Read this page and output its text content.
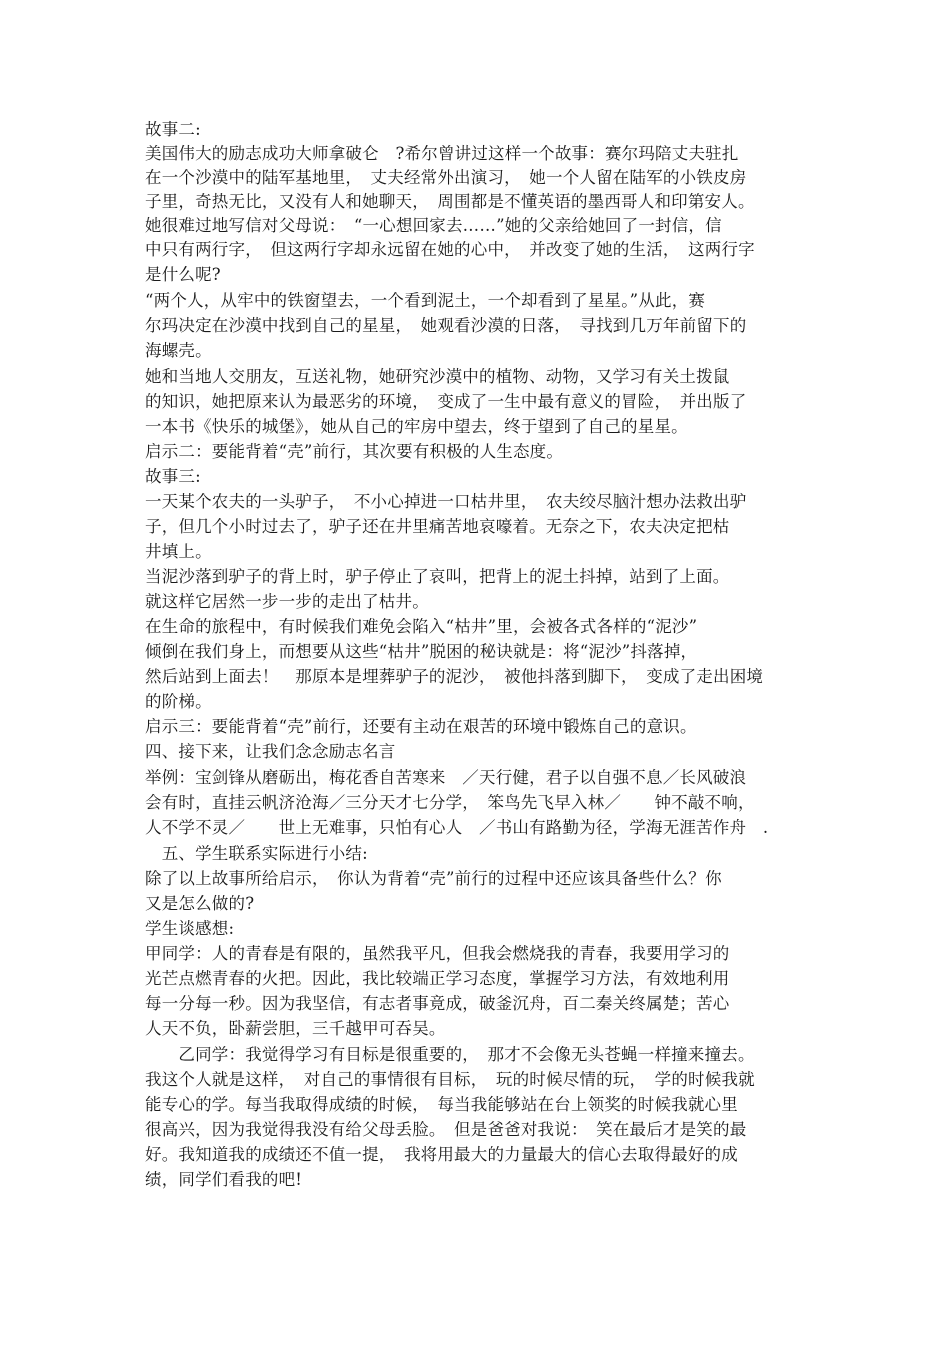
故事二:
美国伟大的励志成功大师拿破仑　?希尔曾讲过这样一个故事：赛尔玛陪丈夫驻扎
在一个沙漠中的陆军基地里，　丈夫经常外出演习，　她一个人留在陆军的小铁皮房
子里，奇热无比，又没有人和她聊天，　周围都是不懂英语的墨西哥人和印第安人。
她很难过地写信对父母说：　“一心想回家去……”她的父亲给她回了一封信，信
中只有两行字，　但这两行字却永远留在她的心中，　并改变了她的生活，　这两行字
是什么呢?
“两个人，从牢中的铁窗望去，一个看到泥土，一个却看到了星星。”从此，赛
尔玛决定在沙漠中找到自己的星星，　她观看沙漠的日落，　寻找到几万年前留下的
海螺壳。
她和当地人交朋友，互送礼物，她研究沙漠中的植物、动物，又学习有关土拨鼠
的知识，她把原来认为最恶劣的环境，　变成了一生中最有意义的冒险，　并出版了
一本书《快乐的城堡》，她从自己的牢房中望去，终于望到了自己的星星。
启示二：要能背着“壳”前行，其次要有积极的人生态度。
故事三:
一天某个农夫的一头驴子，　不小心掉进一口枯井里，　农夫绞尽脑汁想办法救出驴
子，但几个小时过去了，驴子还在井里痛苦地哀嚎着。无奈之下，农夫决定把枯
井填上。
当泥沙落到驴子的背上时，驴子停止了哀叫，把背上的泥土抖掉，站到了上面。
就这样它居然一步一步的走出了枯井。
在生命的旅程中，有时候我们难免会陷入“枯井”里，会被各式各样的“泥沙”
倾倒在我们身上，而想要从这些“枯井”脱困的秘诀就是：将“泥沙”抖落掉，
然后站到上面去！　那原本是埋葬驴子的泥沙，　被他抖落到脚下，　变成了走出困境
的阶梯。
启示三：要能背着“壳”前行，还要有主动在艰苦的环境中锻炼自己的意识。
四、接下来，让我们念念励志名言
举例：宝剑锋从磨砺出，梅花香自苦寒来　／天行健，君子以自强不息／长风破浪
会有时，直挂云帆济沧海／三分天才七分学，　笨鸟先飞早入林／　　钟不敲不响，
人不学不灵／　　世上无难事，只怕有心人　／书山有路勤为径，学海无涯苦作舟　.
　五、学生联系实际进行小结:
除了以上故事所给启示，　你认为背着“壳”前行的过程中还应该具备些什么？你
又是怎么做的?
学生谈感想:
甲同学：人的青春是有限的，虽然我平凡，但我会燃烧我的青春，我要用学习的
光芒点燃青春的火把。因此，我比较端正学习态度，掌握学习方法，有效地利用
每一分每一秒。因为我坚信，有志者事竟成，破釜沉舟，百二秦关终属楚；苦心
人天不负，卧薪尝胆，三千越甲可吞吴。
　　乙同学：我觉得学习有目标是很重要的，　那才不会像无头苍蝇一样撞来撞去。
我这个人就是这样，　对自己的事情很有目标，　玩的时候尽情的玩，　学的时候我就
能专心的学。每当我取得成绩的时候，　每当我能够站在台上领奖的时候我就心里
很高兴，因为我觉得我没有给父母丢脸。　但是爸爸对我说：　笑在最后才是笑的最
好。我知道我的成绩还不值一提，　我将用最大的力量最大的信心去取得最好的成
绩，同学们看我的吧!
